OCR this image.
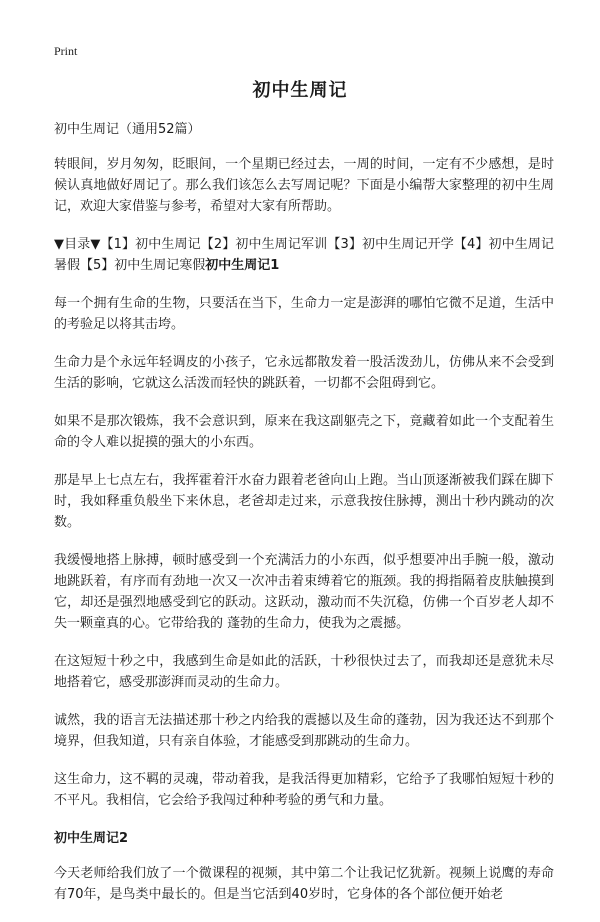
Print
初中生周记

初中生周记（通用52篇）

转眼间，岁月匆匆，眨眼间，一个星期已经过去，一周的时间，一定有不少感想，是时候认真地做好周记了。那么我们该怎么去写周记呢？下面是小编帮大家整理的初中生周记，欢迎大家借鉴与参考，希望对大家有所帮助。

▼目录▼【1】初中生周记【2】初中生周记军训【3】初中生周记开学【4】初中生周记暑假【5】初中生周记寒假初中生周记1

每一个拥有生命的生物，只要活在当下，生命力一定是澎湃的哪怕它微不足道，生活中的考验足以将其击垮。

生命力是个永远年轻调皮的小孩子，它永远都散发着一股活泼劲儿，仿佛从来不会受到生活的影响，它就这么活泼而轻快的跳跃着，一切都不会阻碍到它。

如果不是那次锻炼，我不会意识到，原来在我这副躯壳之下，竟藏着如此一个支配着生命的令人难以捉摸的强大的小东西。

那是早上七点左右，我挥霍着汗水奋力跟着老爸向山上跑。当山顶逐渐被我们踩在脚下时，我如释重负般坐下来休息，老爸却走过来，示意我按住脉搏，测出十秒内跳动的次数。

我缓慢地搭上脉搏，顿时感受到一个充满活力的小东西，似乎想要冲出手腕一般，激动地跳跃着，有序而有劲地一次又一次冲击着束缚着它的瓶颈。我的拇指隔着皮肤触摸到它，却还是强烈地感受到它的跃动。这跃动，激动而不失沉稳，仿佛一个百岁老人却不失一颗童真的心。它带给我的 蓬勃的生命力，使我为之震撼。

在这短短十秒之中，我感到生命是如此的活跃，十秒很快过去了，而我却还是意犹未尽地搭着它，感受那澎湃而灵动的生命力。

诚然，我的语言无法描述那十秒之内给我的震撼以及生命的蓬勃，因为我还达不到那个境界，但我知道，只有亲自体验，才能感受到那跳动的生命力。

这生命力，这不羁的灵魂，带动着我，是我活得更加精彩，它给予了我哪怕短短十秒的不平凡。我相信，它会给予我闯过种种考验的勇气和力量。

初中生周记2

今天老师给我们放了一个微课程的视频，其中第二个让我记忆犹新。视频上说鹰的寿命有70年，是鸟类中最长的。但是当它活到40岁时，它身体的各个部位便开始老
